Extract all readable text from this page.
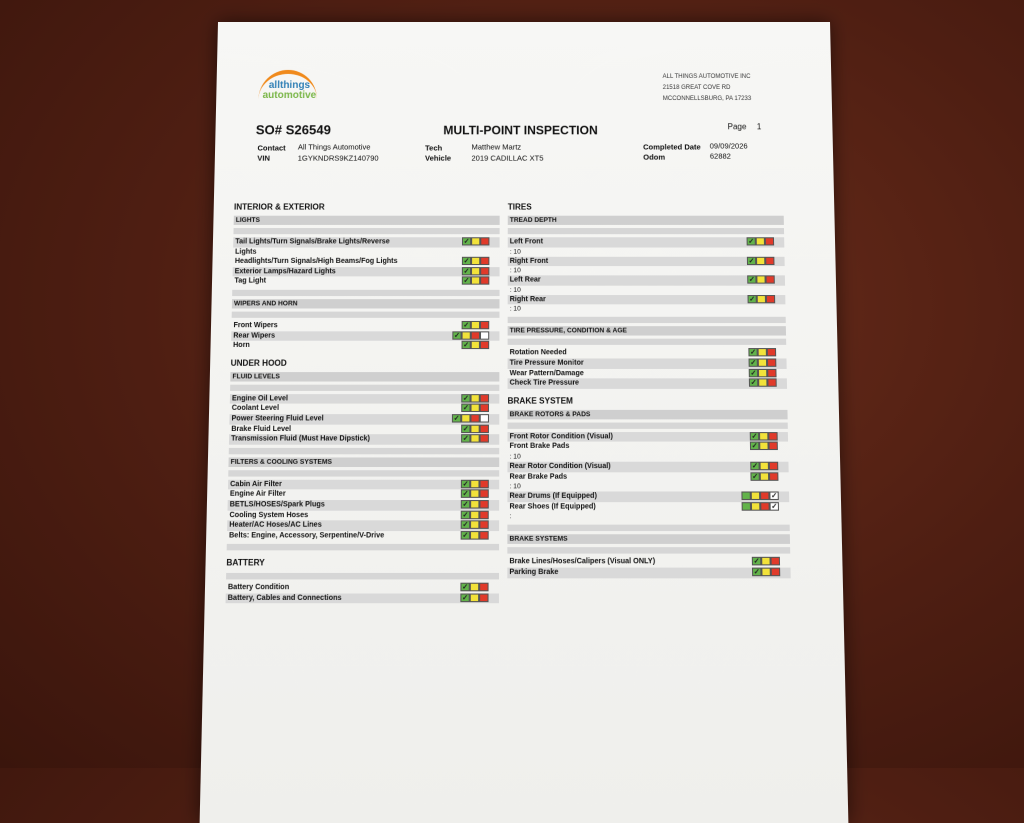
allthings
automotive
ALL THINGS AUTOMOTIVE INC
21518 GREAT COVE RD
MCCONNELLSBURG, PA 17233
SO# S26549	MULTI-POINT INSPECTION	Page 1
Contact All Things Automotive
VIN	1GYKNDRS9KZ140790
Tech	Matthew Martz
Vehicle	2019 CADILLAC XT5
Completed Date 09/09/2026
Odom	62882
INTERIOR & EXTERIOR
LIGHTS
Tail Lights/Turn Signals/Brake Lights/Reverse	✓
Lights
Headlights/Turn Signals/High Beams/Fog Lights	✓
Exterior Lamps/Hazard Lights	✓
Tag Light	✓
WIPERS AND HORN
Front Wipers	✓
Rear Wipers	✓
Horn	✓
UNDER HOOD
FLUID LEVELS
Engine Oil Level	✓
Coolant Level	✓
Power Steering Fluid Level	✓
Brake Fluid Level	✓
Transmission Fluid (Must Have Dipstick)	✓
FILTERS & COOLING SYSTEMS
Cabin Air Filter	✓
Engine Air Filter	✓
BETLS/HOSES/Spark Plugs	✓
Cooling System Hoses	✓
Heater/AC Hoses/AC Lines	✓
Belts: Engine, Accessory, Serpentine/V-Drive	✓
BATTERY
Battery Condition	✓
Battery, Cables and Connections	✓
TIRES
TREAD DEPTH
Left Front	✓
: 10
Right Front	✓
: 10
Left Rear	✓
: 10
Right Rear	✓
: 10
TIRE PRESSURE, CONDITION & AGE
Rotation Needed	✓
Tire Pressure Monitor	✓
Wear Pattern/Damage	✓
Check Tire Pressure	✓
BRAKE SYSTEM
BRAKE ROTORS & PADS
Front Rotor Condition (Visual)	✓
Front Brake Pads	✓
: 10
Rear Rotor Condition (Visual)	✓
Rear Brake Pads	✓
: 10
Rear Drums (If Equipped)	✓
Rear Shoes (If Equipped)	✓
:
BRAKE SYSTEMS
Brake Lines/Hoses/Calipers (Visual ONLY)	✓
Parking Brake	✓
